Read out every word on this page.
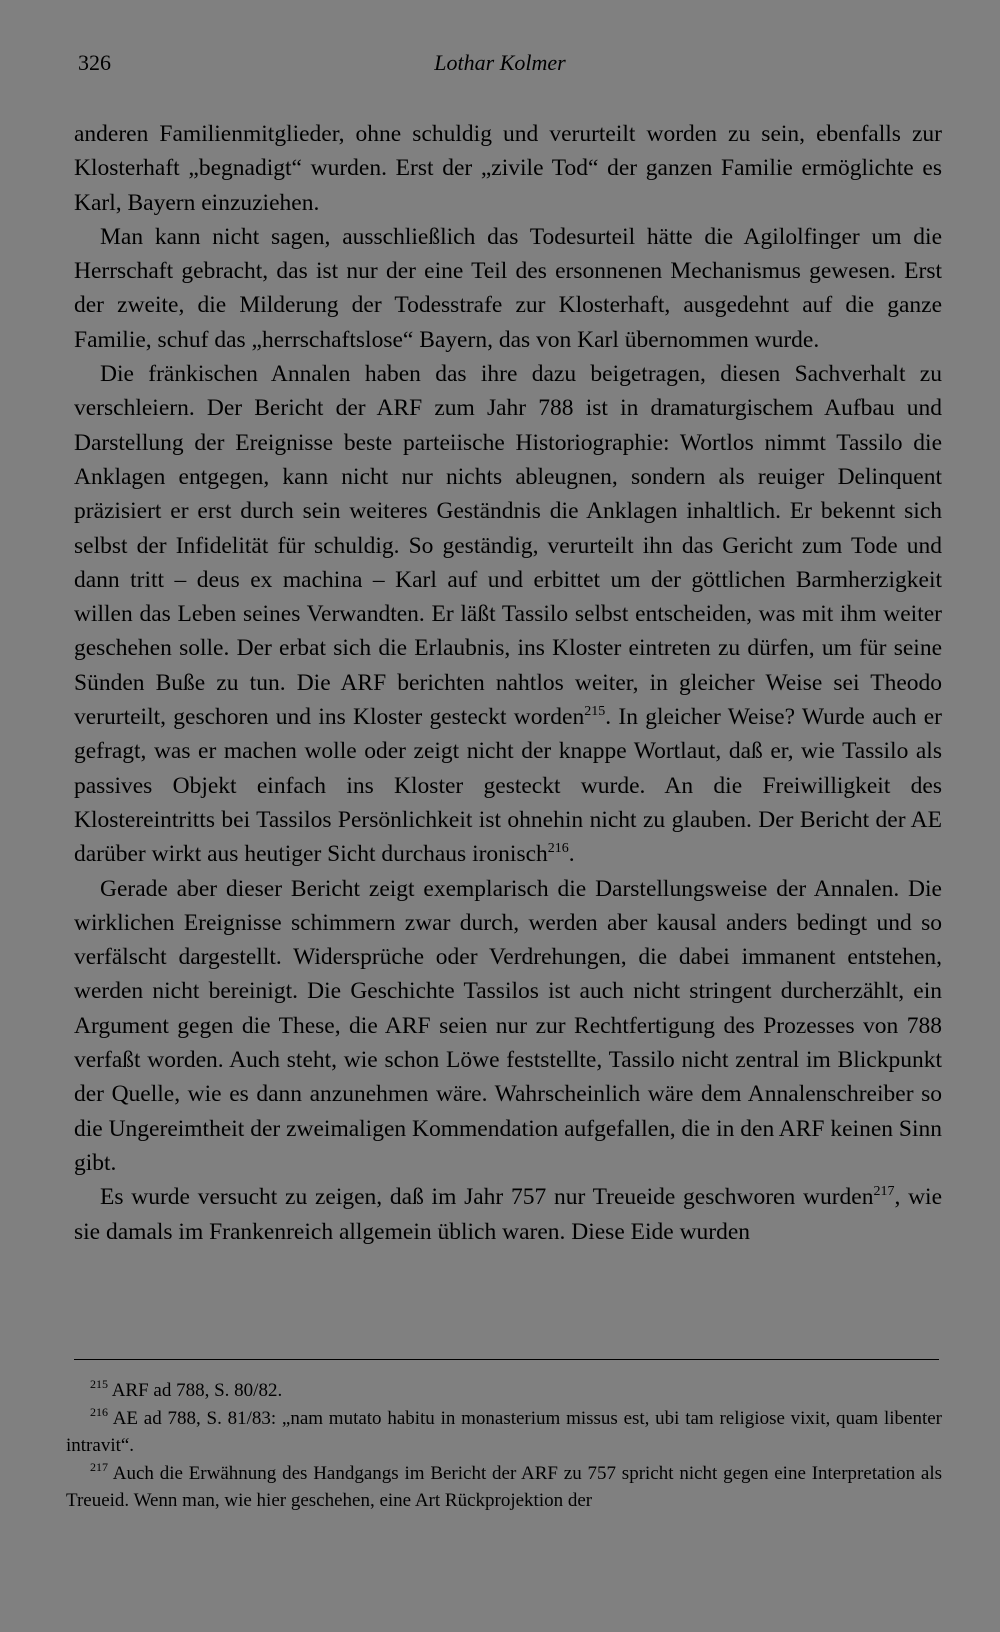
326	Lothar Kolmer

anderen Familienmitglieder, ohne schuldig und verurteilt worden zu sein, ebenfalls zur Klosterhaft „begnadigt“ wurden. Erst der „zivile Tod“ der ganzen Familie ermöglichte es Karl, Bayern einzuziehen.

Man kann nicht sagen, ausschließlich das Todesurteil hätte die Agilolfinger um die Herrschaft gebracht, das ist nur der eine Teil des ersonnenen Mechanismus gewesen. Erst der zweite, die Milderung der Todesstrafe zur Klosterhaft, ausgedehnt auf die ganze Familie, schuf das „herrschaftslose“ Bayern, das von Karl übernommen wurde.

Die fränkischen Annalen haben das ihre dazu beigetragen, diesen Sachverhalt zu verschleiern. Der Bericht der ARF zum Jahr 788 ist in dramaturgischem Aufbau und Darstellung der Ereignisse beste parteiische Historiographie: Wortlos nimmt Tassilo die Anklagen entgegen, kann nicht nur nichts ableugnen, sondern als reuiger Delinquent präzisiert er erst durch sein weiteres Geständnis die Anklagen inhaltlich. Er bekennt sich selbst der Infidelität für schuldig. So geständig, verurteilt ihn das Gericht zum Tode und dann tritt – deus ex machina – Karl auf und erbittet um der göttlichen Barmherzigkeit willen das Leben seines Verwandten. Er läßt Tassilo selbst entscheiden, was mit ihm weiter geschehen solle. Der erbat sich die Erlaubnis, ins Kloster eintreten zu dürfen, um für seine Sünden Buße zu tun. Die ARF berichten nahtlos weiter, in gleicher Weise sei Theodo verurteilt, geschoren und ins Kloster gesteckt worden$^{215}$. In gleicher Weise? Wurde auch er gefragt, was er machen wolle oder zeigt nicht der knappe Wortlaut, daß er, wie Tassilo als passives Objekt einfach ins Kloster gesteckt wurde. An die Freiwilligkeit des Klostereintritts bei Tassilos Persönlichkeit ist ohnehin nicht zu glauben. Der Bericht der AE darüber wirkt aus heutiger Sicht durchaus ironisch$^{216}$.

Gerade aber dieser Bericht zeigt exemplarisch die Darstellungsweise der Annalen. Die wirklichen Ereignisse schimmern zwar durch, werden aber kausal anders bedingt und so verfälscht dargestellt. Widersprüche oder Verdrehungen, die dabei immanent entstehen, werden nicht bereinigt. Die Geschichte Tassilos ist auch nicht stringent durcherzählt, ein Argument gegen die These, die ARF seien nur zur Rechtfertigung des Prozesses von 788 verfaßt worden. Auch steht, wie schon Löwe feststellte, Tassilo nicht zentral im Blickpunkt der Quelle, wie es dann anzunehmen wäre. Wahrscheinlich wäre dem Annalenschreiber so die Ungereimtheit der zweimaligen Kommendation aufgefallen, die in den ARF keinen Sinn gibt.

Es wurde versucht zu zeigen, daß im Jahr 757 nur Treueide geschworen wurden$^{217}$, wie sie damals im Frankenreich allgemein üblich waren. Diese Eide wurden

$^{215}$ ARF ad 788, S. 80/82.

$^{216}$ AE ad 788, S. 81/83: „nam mutato habitu in monasterium missus est, ubi tam religiose vixit, quam libenter intravit“.

$^{217}$ Auch die Erwähnung des Handgangs im Bericht der ARF zu 757 spricht nicht gegen eine Interpretation als Treueid. Wenn man, wie hier geschehen, eine Art Rückprojektion der
